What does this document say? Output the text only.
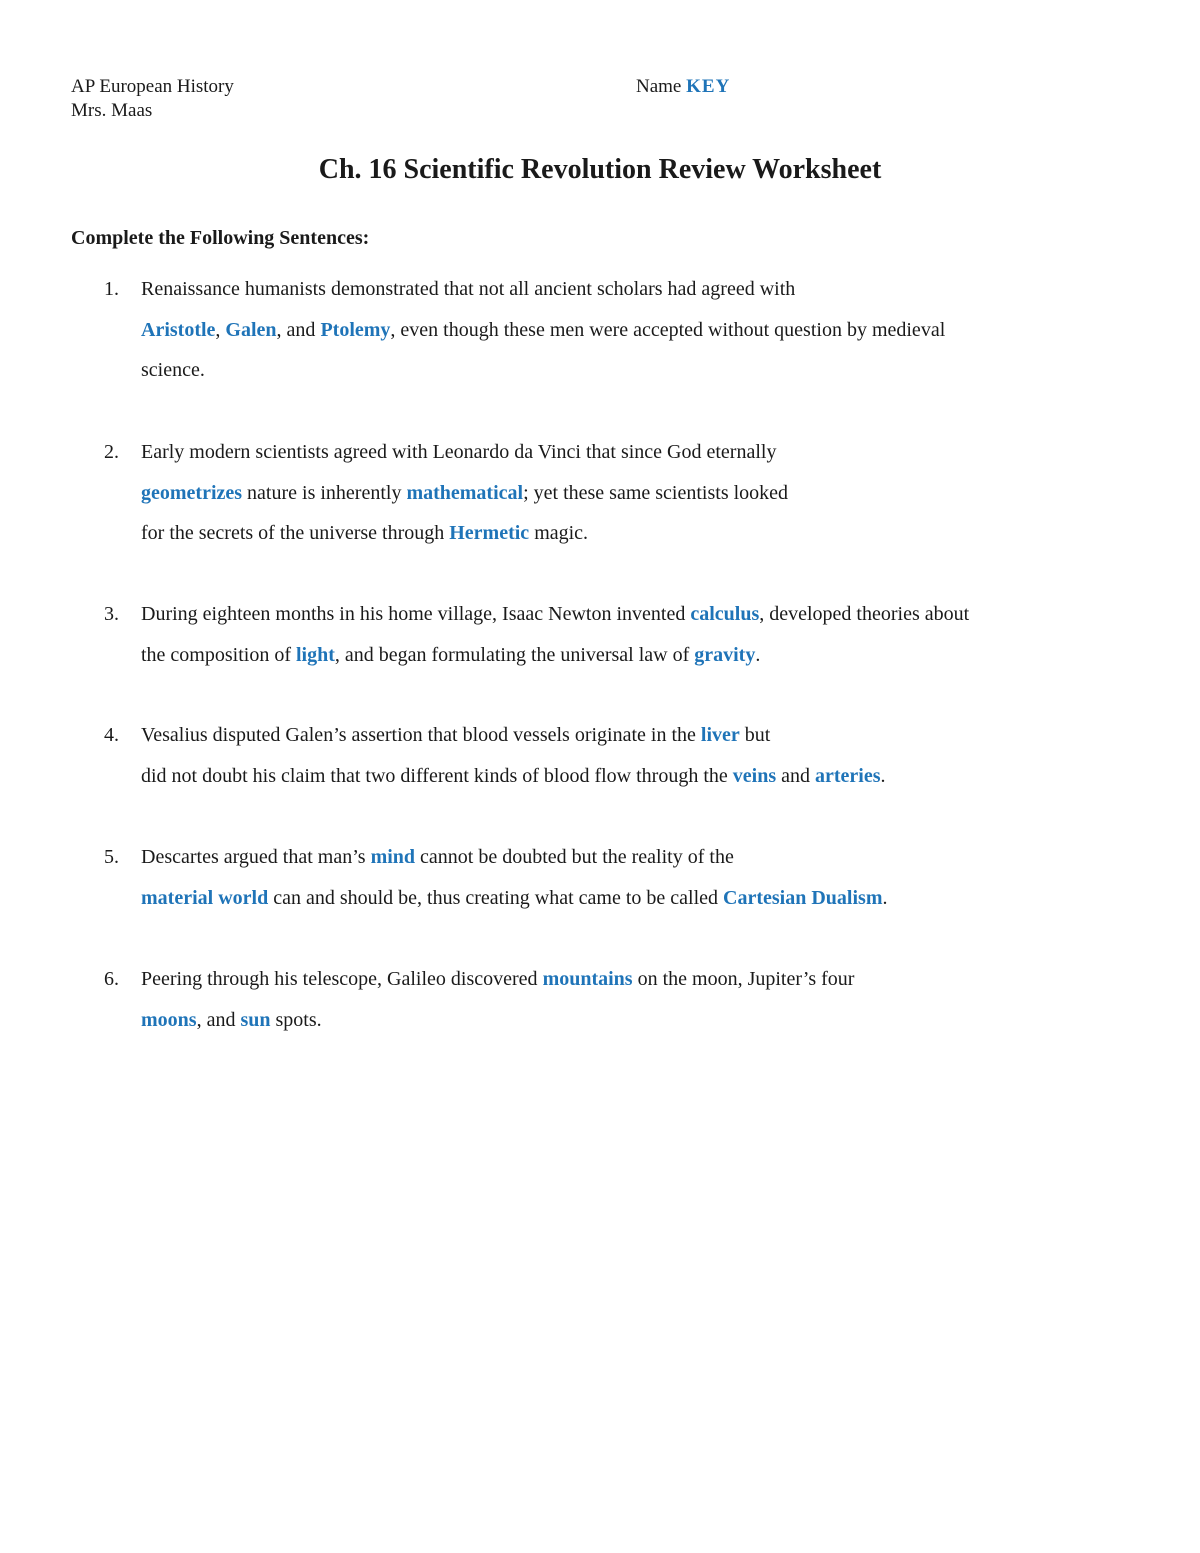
AP European History
Mrs. Maas
Name KEY
Ch. 16 Scientific Revolution Review Worksheet
Complete the Following Sentences:
1. Renaissance humanists demonstrated that not all ancient scholars had agreed with
Aristotle, Galen, and Ptolemy, even though these men were accepted without question by medieval
science.
2. Early modern scientists agreed with Leonardo da Vinci that since God eternally
geometrizes nature is inherently mathematical; yet these same scientists looked
for the secrets of the universe through Hermetic magic.
3. During eighteen months in his home village, Isaac Newton invented calculus, developed theories about
the composition of light, and began formulating the universal law of gravity.
4. Vesalius disputed Galen’s assertion that blood vessels originate in the liver but
did not doubt his claim that two different kinds of blood flow through the veins and arteries.
5. Descartes argued that man’s mind cannot be doubted but the reality of the
material world can and should be, thus creating what came to be called Cartesian Dualism.
6. Peering through his telescope, Galileo discovered mountains on the moon, Jupiter’s four
moons, and sun spots.
